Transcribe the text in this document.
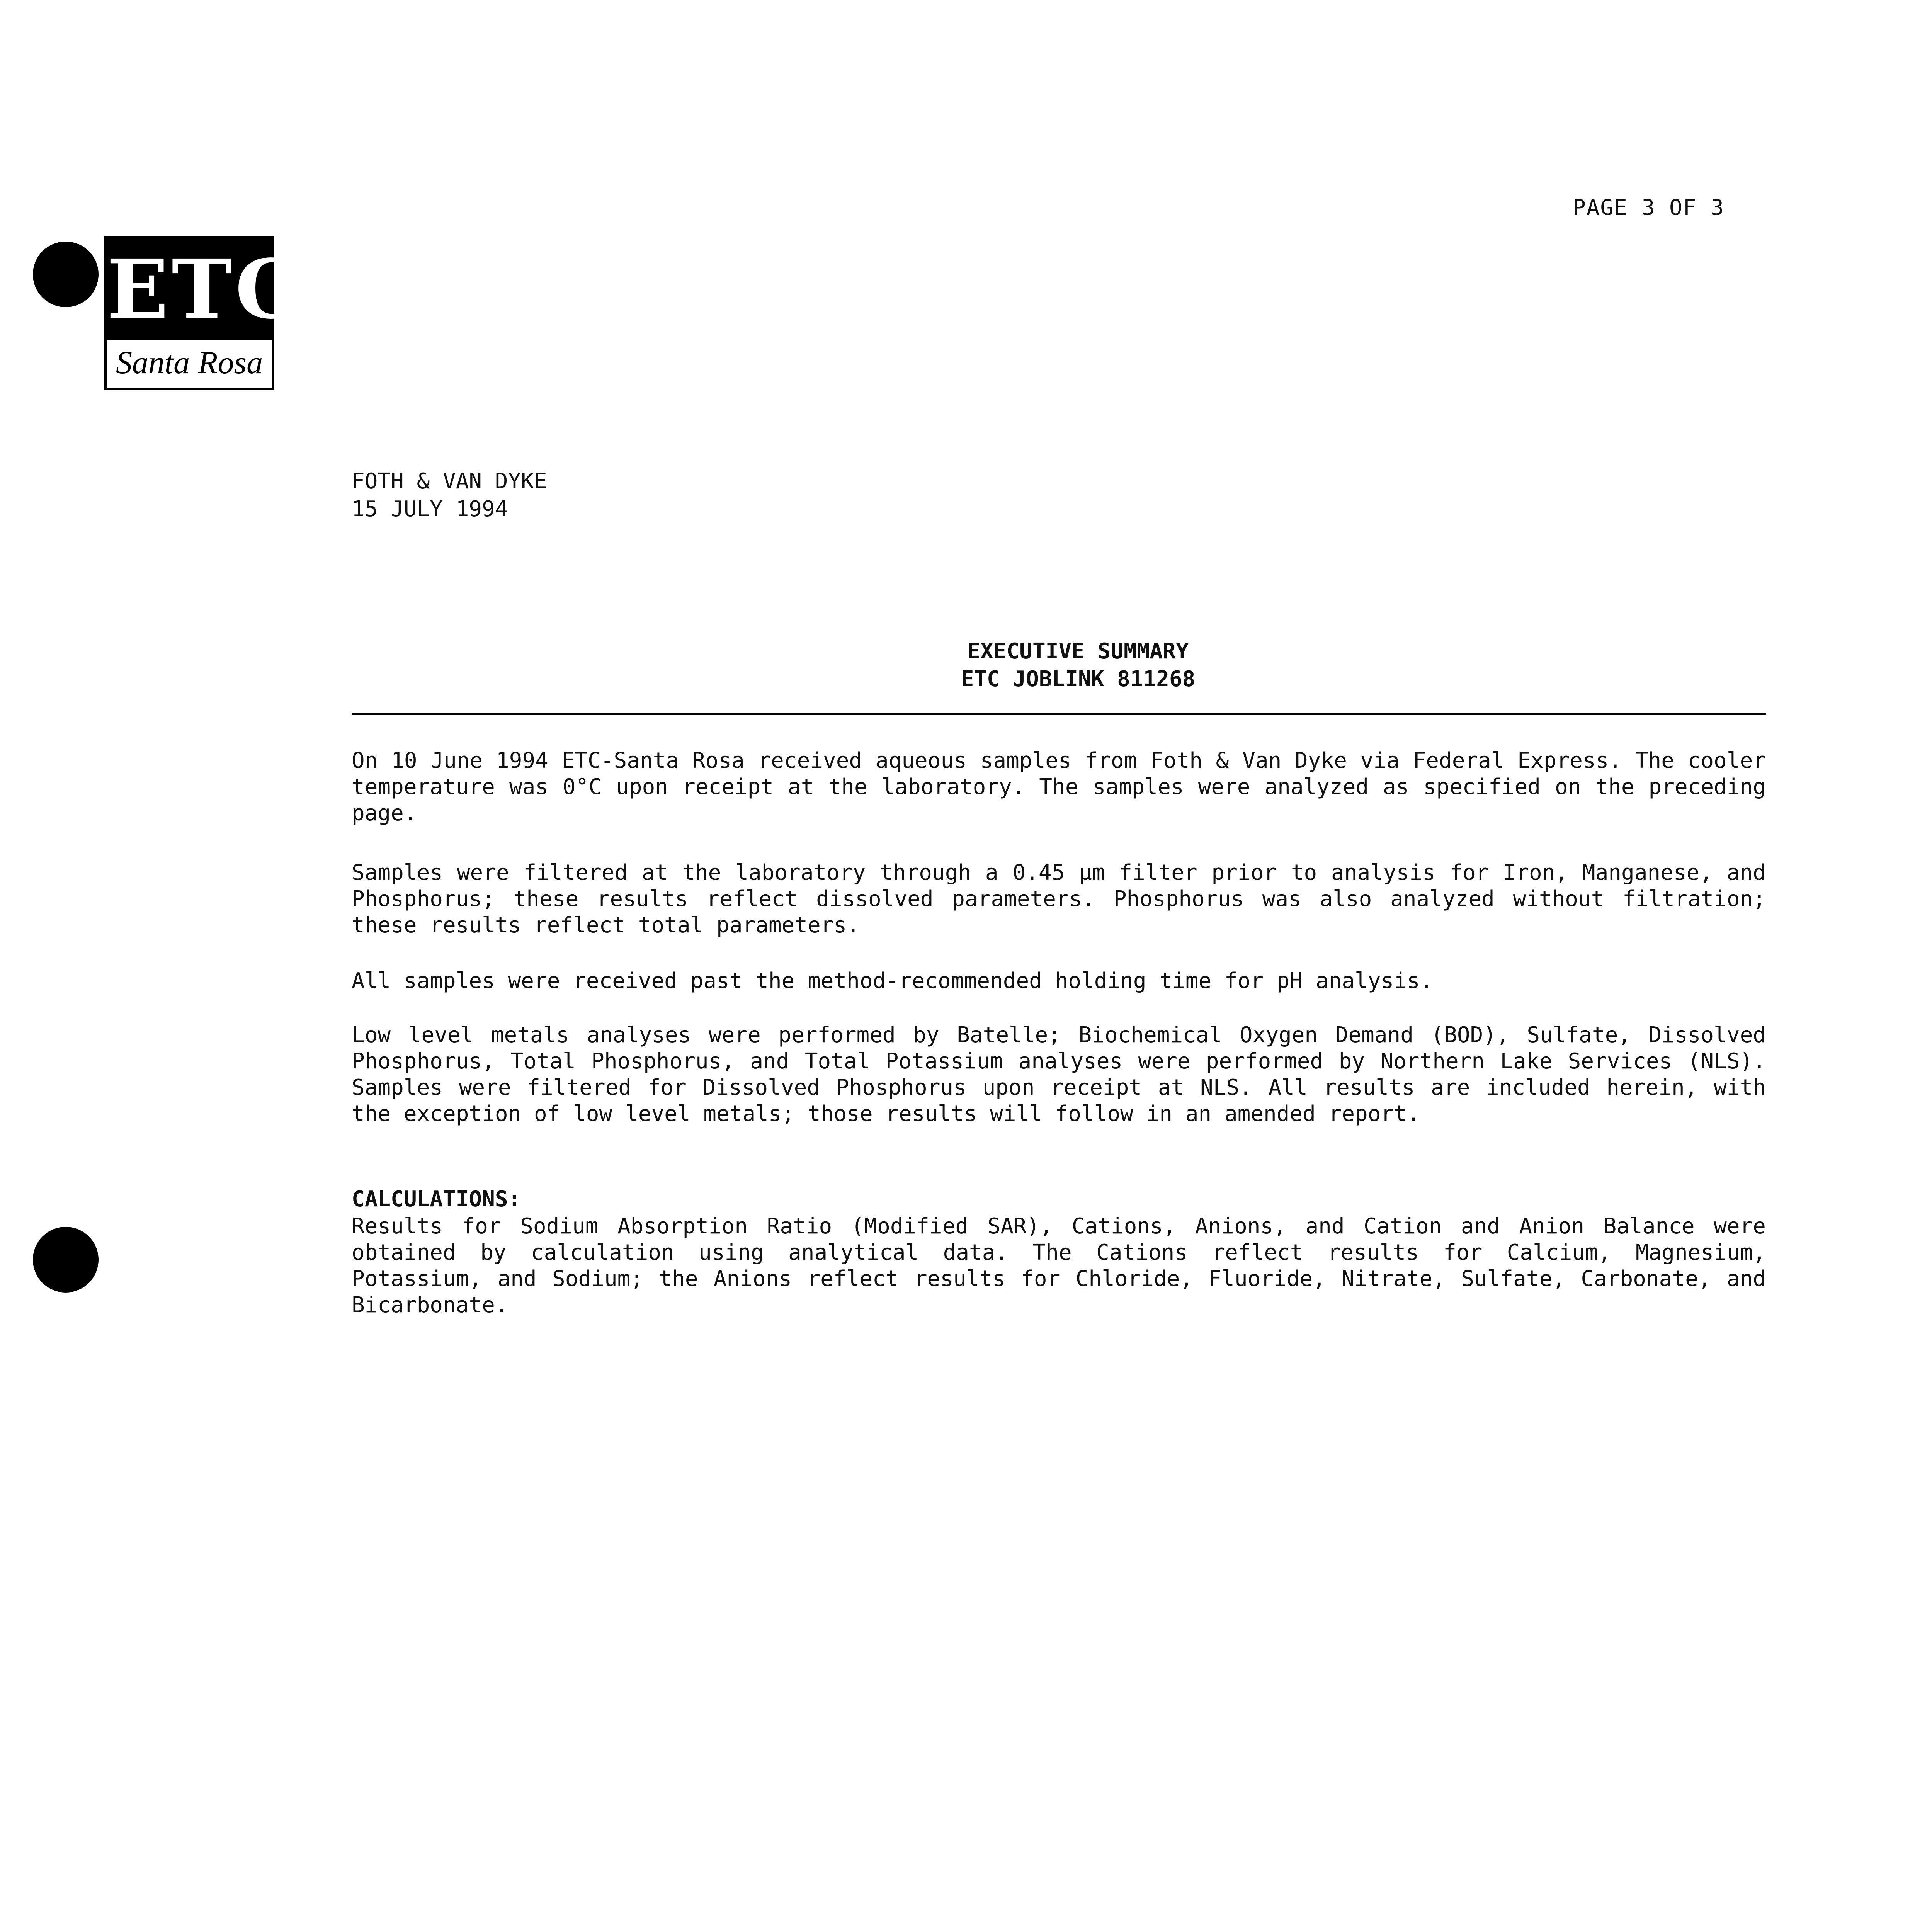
ETC
Santa Rosa
PAGE 3 OF 3
FOTH & VAN DYKE
15 JULY 1994
EXECUTIVE SUMMARY
ETC JOBLINK 811268
On 10 June 1994 ETC-Santa Rosa received aqueous samples from Foth & Van Dyke via Federal Express. The cooler temperature was 0°C upon receipt at the laboratory. The samples were analyzed as specified on the preceding page.
Samples were filtered at the laboratory through a 0.45 µm filter prior to analysis for Iron, Manganese, and Phosphorus; these results reflect dissolved parameters. Phosphorus was also analyzed without filtration; these results reflect total parameters.
All samples were received past the method-recommended holding time for pH analysis.
Low level metals analyses were performed by Batelle; Biochemical Oxygen Demand (BOD), Sulfate, Dissolved Phosphorus, Total Phosphorus, and Total Potassium analyses were performed by Northern Lake Services (NLS). Samples were filtered for Dissolved Phosphorus upon receipt at NLS. All results are included herein, with the exception of low level metals; those results will follow in an amended report.
CALCULATIONS:
Results for Sodium Absorption Ratio (Modified SAR), Cations, Anions, and Cation and Anion Balance were obtained by calculation using analytical data. The Cations reflect results for Calcium, Magnesium, Potassium, and Sodium; the Anions reflect results for Chloride, Fluoride, Nitrate, Sulfate, Carbonate, and Bicarbonate.
